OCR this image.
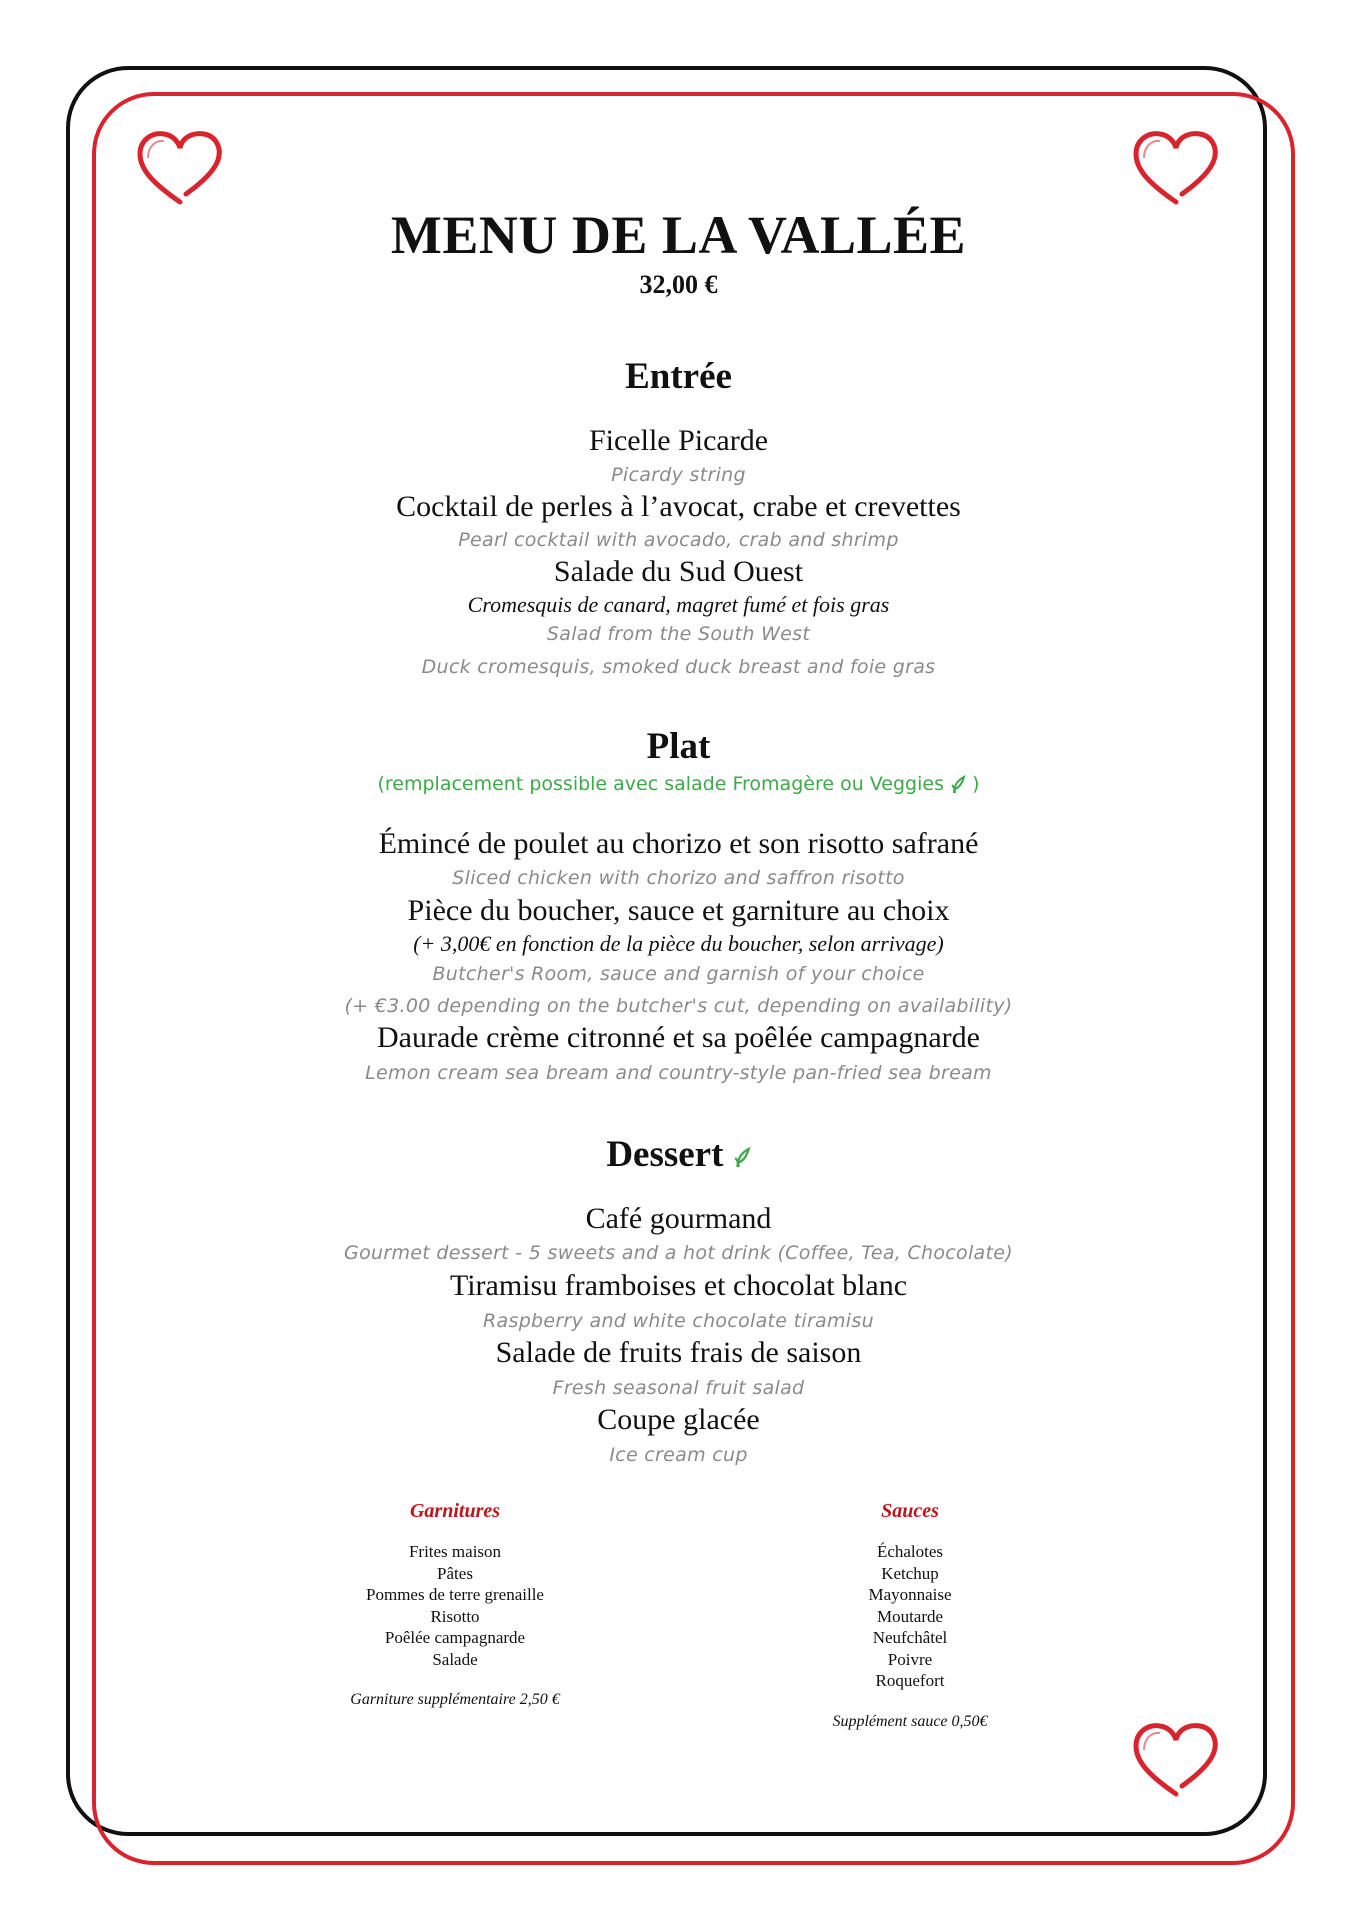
MENU DE LA VALLÉE
32,00 €
Entrée
Ficelle Picarde
Picardy string
Cocktail de perles à l’avocat, crabe et crevettes
Pearl cocktail with avocado, crab and shrimp
Salade du Sud Ouest
Cromesquis de canard, magret fumé et fois gras
Salad from the South West
Duck cromesquis, smoked duck breast and foie gras
Plat
(remplacement possible avec salade Fromagère ou Veggies )
Émincé de poulet au chorizo et son risotto safrané
Sliced chicken with chorizo and saffron risotto
Pièce du boucher, sauce et garniture au choix
(+ 3,00€ en fonction de la pièce du boucher, selon arrivage)
Butcher's Room, sauce and garnish of your choice
(+ €3.00 depending on the butcher's cut, depending on availability)
Daurade crème citronné et sa poêlée campagnarde
Lemon cream sea bream and country-style pan-fried sea bream
Dessert
Café gourmand
Gourmet dessert - 5 sweets and a hot drink (Coffee, Tea, Chocolate)
Tiramisu framboises et chocolat blanc
Raspberry and white chocolate tiramisu
Salade de fruits frais de saison
Fresh seasonal fruit salad
Coupe glacée
Ice cream cup
Garnitures
Frites maison
Pâtes
Pommes de terre grenaille
Risotto
Poêlée campagnarde
Salade
Garniture supplémentaire 2,50 €
Sauces
Échalotes
Ketchup
Mayonnaise
Moutarde
Neufchâtel
Poivre
Roquefort
Supplément sauce 0,50€
